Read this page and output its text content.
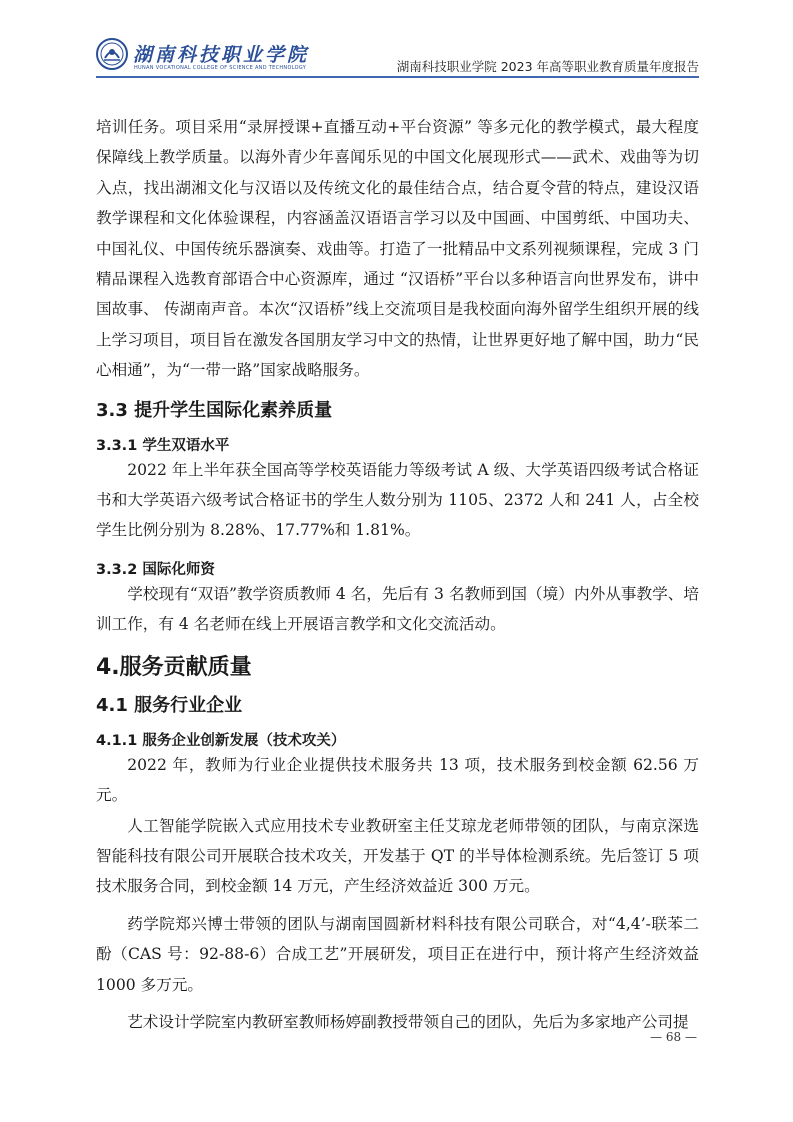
湖南科技职业学院
HUNAN VOCATIONAL COLLEGE OF SCIENCE AND TECHNOLOGY	湖南科技职业学院 2023 年高等职业教育质量年度报告

培训任务。项目采用“录屏授课+直播互动+平台资源” 等多元化的教学模式，最大程度保障线上教学质量。以海外青少年喜闻乐见的中国文化展现形式——武术、戏曲等为切入点，找出湖湘文化与汉语以及传统文化的最佳结合点，结合夏令营的特点，建设汉语教学课程和文化体验课程，内容涵盖汉语语言学习以及中国画、中国剪纸、中国功夫、中国礼仪、中国传统乐器演奏、戏曲等。打造了一批精品中文系列视频课程，完成 3 门精品课程入选教育部语合中心资源库，通过 “汉语桥”平台以多种语言向世界发布，讲中国故事、 传湖南声音。本次“汉语桥”线上交流项目是我校面向海外留学生组织开展的线上学习项目，项目旨在激发各国朋友学习中文的热情，让世界更好地了解中国，助力“民心相通”，为“一带一路”国家战略服务。

3.3 提升学生国际化素养质量
3.3.1 学生双语水平

2022 年上半年获全国高等学校英语能力等级考试 A 级、大学英语四级考试合格证书和大学英语六级考试合格证书的学生人数分别为 1105、2372 人和 241 人，占全校学生比例分别为 8.28%、17.77%和 1.81%。

3.3.2 国际化师资

学校现有“双语”教学资质教师 4 名，先后有 3 名教师到国（境）内外从事教学、培训工作，有 4 名老师在线上开展语言教学和文化交流活动。

4.服务贡献质量
4.1 服务行业企业
4.1.1 服务企业创新发展（技术攻关）

2022 年，教师为行业企业提供技术服务共 13 项，技术服务到校金额 62.56 万元。

人工智能学院嵌入式应用技术专业教研室主任艾琼龙老师带领的团队，与南京深选智能科技有限公司开展联合技术攻关，开发基于 QT 的半导体检测系统。先后签订 5 项技术服务合同，到校金额 14 万元，产生经济效益近 300 万元。

药学院郑兴博士带领的团队与湖南国圆新材料科技有限公司联合，对“4,4’-联苯二酚（CAS 号：92-88-6）合成工艺”开展研发，项目正在进行中，预计将产生经济效益 1000 多万元。

艺术设计学院室内教研室教师杨婷副教授带领自己的团队，先后为多家地产公司提

— 68 —
